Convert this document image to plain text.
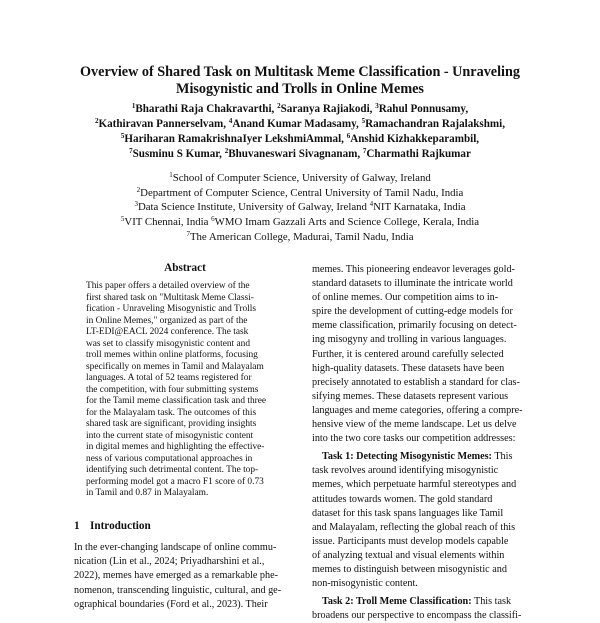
Overview of Shared Task on Multitask Meme Classification - Unraveling
Misogynistic and Trolls in Online Memes
$^1$Bharathi Raja Chakravarthi, $^2$Saranya Rajiakodi, $^3$Rahul Ponnusamy,
$^2$Kathiravan Pannerselvam, $^4$Anand Kumar Madasamy, $^5$Ramachandran Rajalakshmi,
$^5$Hariharan RamakrishnaIyer LekshmiAmmal, $^6$Anshid Kizhakkeparambil,
$^7$Susminu S Kumar, $^2$Bhuvaneswari Sivagnanam, $^7$Charmathi Rajkumar
$^1$School of Computer Science, University of Galway, Ireland
$^2$Department of Computer Science, Central University of Tamil Nadu, India
$^3$Data Science Institute, University of Galway, Ireland $^4$NIT Karnataka, India
$^5$VIT Chennai, India $^6$WMO Imam Gazzali Arts and Science College, Kerala, India
$^7$The American College, Madurai, Tamil Nadu, India
Abstract
This paper offers a detailed overview of the
first shared task on "Multitask Meme Classi-
fication - Unraveling Misogynistic and Trolls
in Online Memes," organized as part of the
LT-EDI@EACL 2024 conference. The task
was set to classify misogynistic content and
troll memes within online platforms, focusing
specifically on memes in Tamil and Malayalam
languages. A total of 52 teams registered for
the competition, with four submitting systems
for the Tamil meme classification task and three
for the Malayalam task. The outcomes of this
shared task are significant, providing insights
into the current state of misogynistic content
in digital memes and highlighting the effective-
ness of various computational approaches in
identifying such detrimental content. The top-
performing model got a macro F1 score of 0.73
in Tamil and 0.87 in Malayalam.
1 Introduction
In the ever-changing landscape of online commu-
nication (Lin et al., 2024; Priyadharshini et al.,
2022), memes have emerged as a remarkable phe-
nomenon, transcending linguistic, cultural, and ge-
ographical boundaries (Ford et al., 2023). Their
memes. This pioneering endeavor leverages gold-
standard datasets to illuminate the intricate world
of online memes. Our competition aims to in-
spire the development of cutting-edge models for
meme classification, primarily focusing on detect-
ing misogyny and trolling in various languages.
Further, it is centered around carefully selected
high-quality datasets. These datasets have been
precisely annotated to establish a standard for clas-
sifying memes. These datasets represent various
languages and meme categories, offering a compre-
hensive view of the meme landscape. Let us delve
into the two core tasks our competition addresses:
Task 1: Detecting Misogynistic Memes: This
task revolves around identifying misogynistic
memes, which perpetuate harmful stereotypes and
attitudes towards women. The gold standard
dataset for this task spans languages like Tamil
and Malayalam, reflecting the global reach of this
issue. Participants must develop models capable
of analyzing textual and visual elements within
memes to distinguish between misogynistic and
non-misogynistic content.
Task 2: Troll Meme Classification: This task
broadens our perspective to encompass the classifi-
